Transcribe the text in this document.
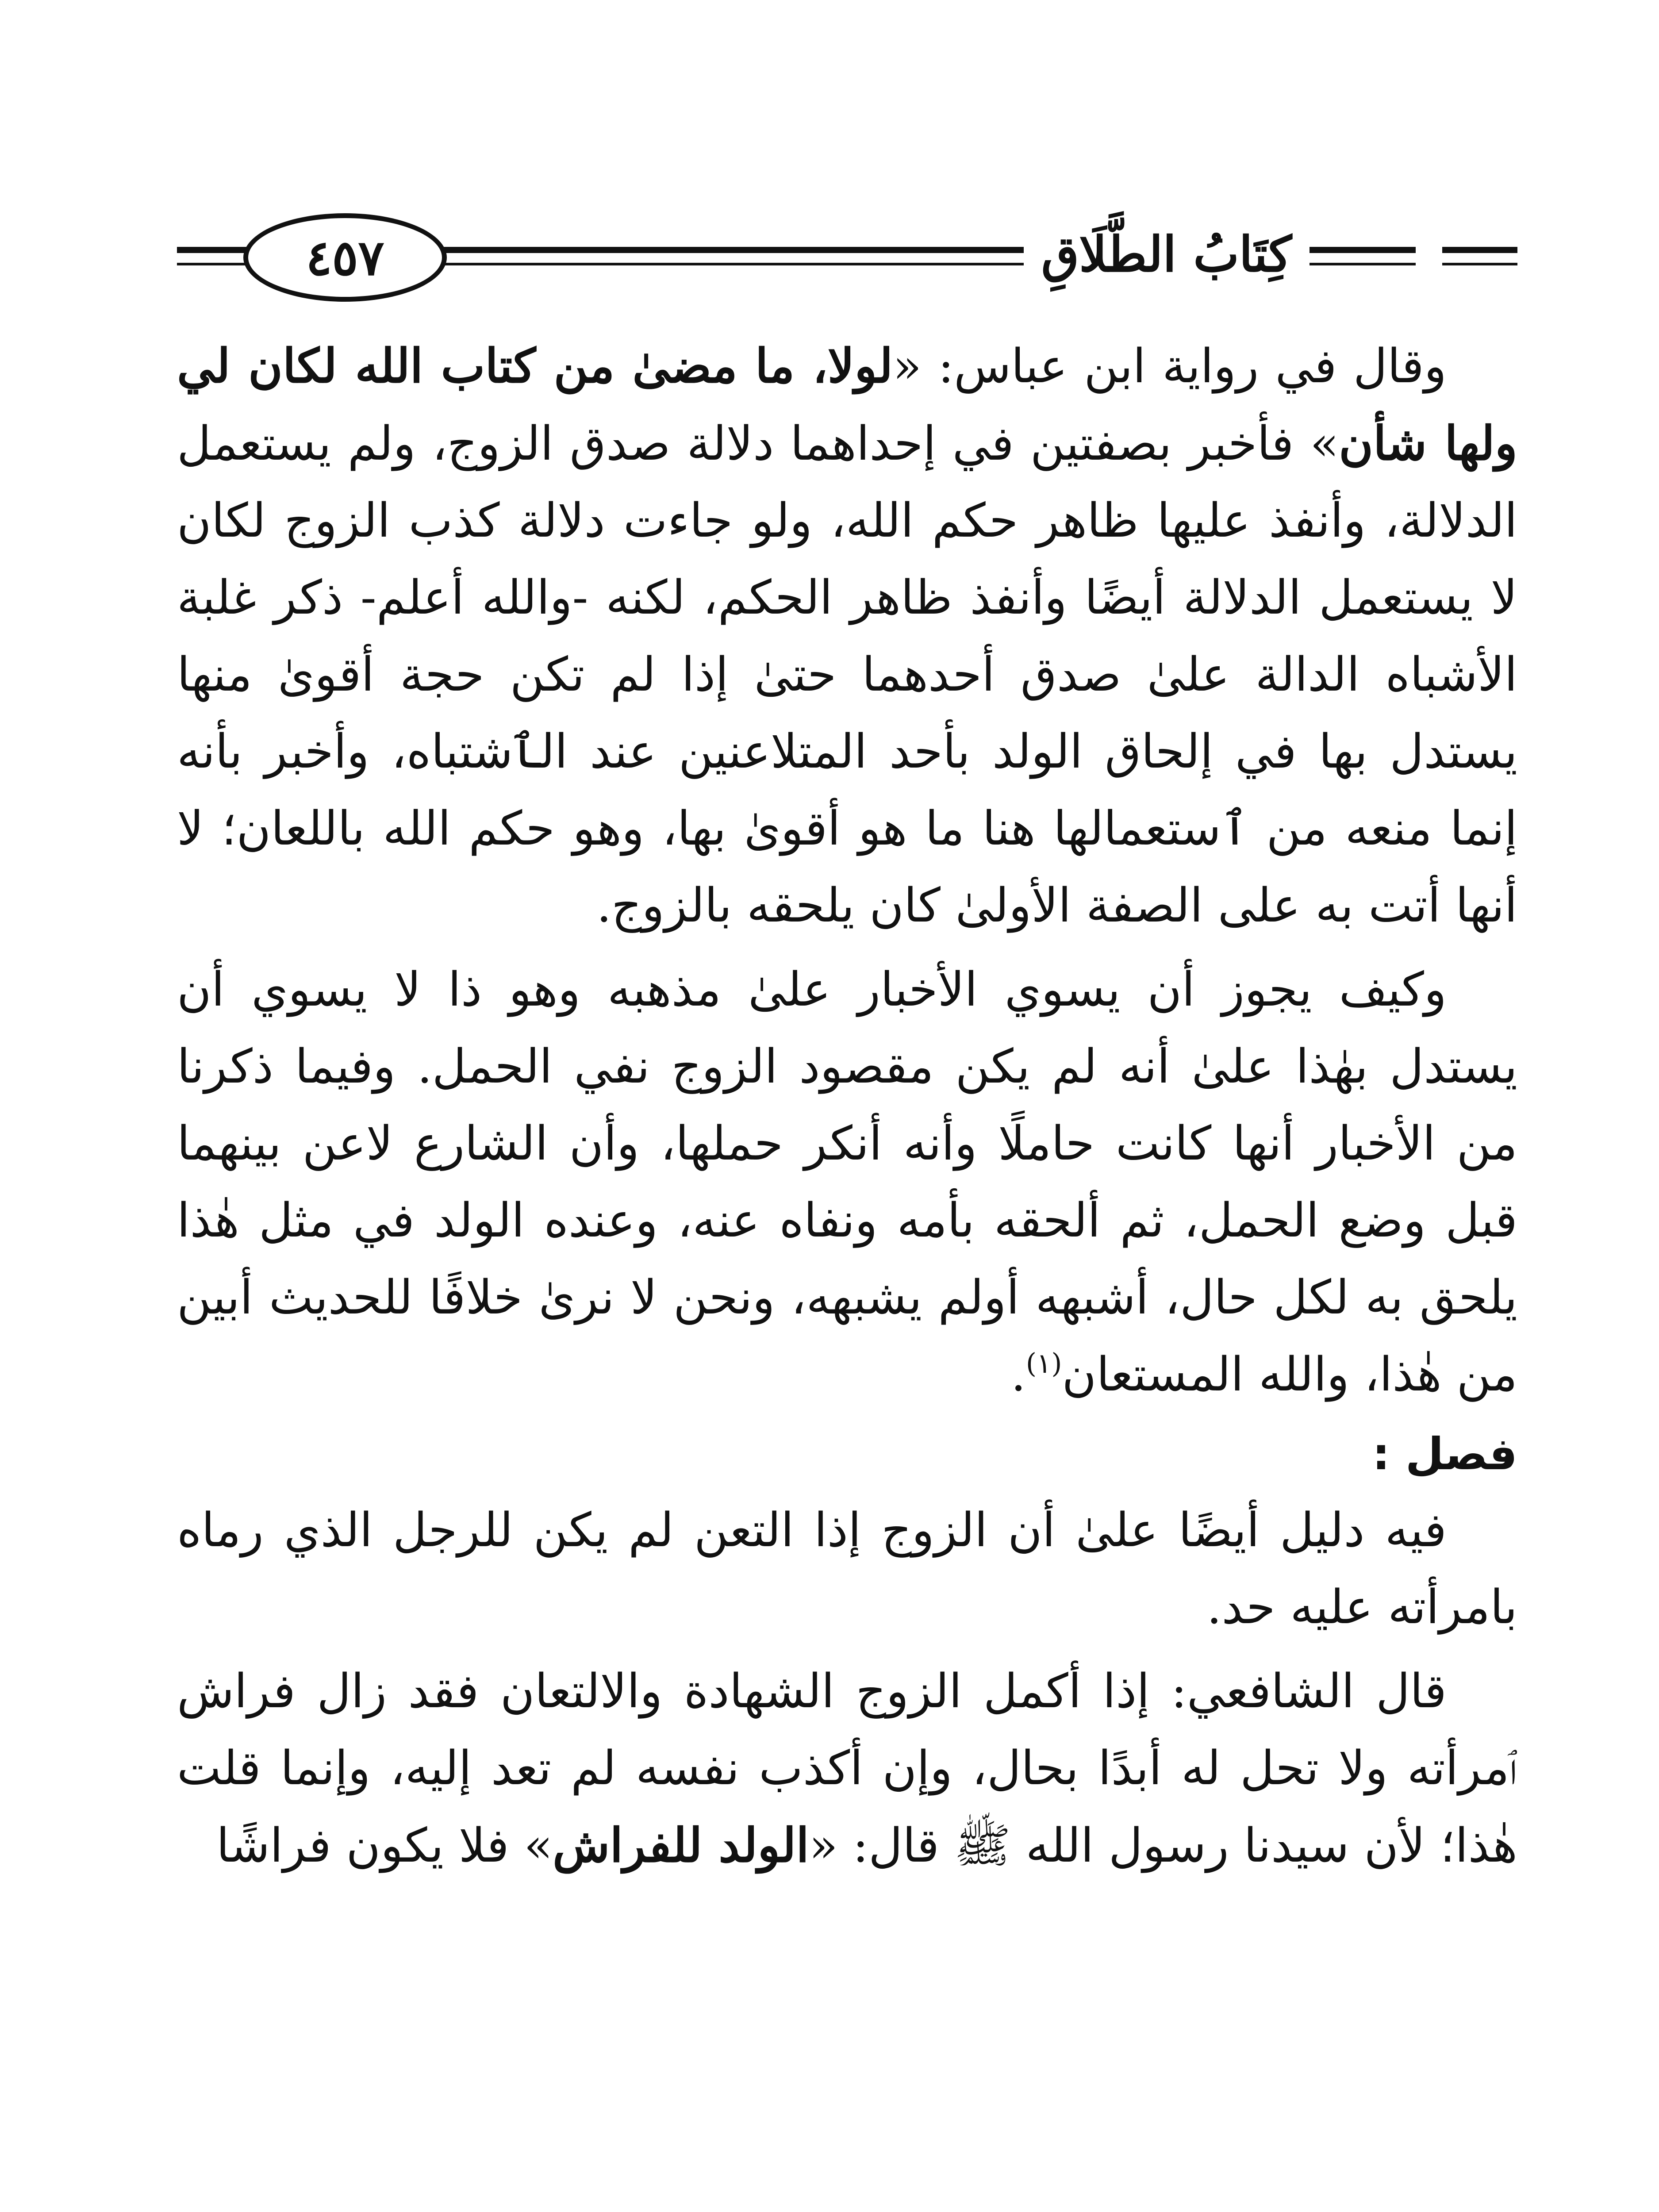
٤٥٧	كِتَابُ الطَّلَاقِ

وقال في رواية ابن عباس: «لولا، ما مضىٰ من كتاب الله لكان لي ولها شأن» فأخبر بصفتين في إحداهما دلالة صدق الزوج، ولم يستعمل الدلالة، وأنفذ عليها ظاهر حكم الله، ولو جاءت دلالة كذب الزوج لكان لا يستعمل الدلالة أيضًا وأنفذ ظاهر الحكم، لكنه -والله أعلم- ذكر غلبة الأشباه الدالة علىٰ صدق أحدهما حتىٰ إذا لم تكن حجة أقوىٰ منها يستدل بها في إلحاق الولد بأحد المتلاعنين عند الٱشتباه، وأخبر بأنه إنما منعه من ٱستعمالها هنا ما هو أقوىٰ بها، وهو حكم الله باللعان؛ لا أنها أتت به على الصفة الأولىٰ كان يلحقه بالزوج.

وكيف يجوز أن يسوي الأخبار علىٰ مذهبه وهو ذا لا يسوي أن يستدل بهٰذا علىٰ أنه لم يكن مقصود الزوج نفي الحمل. وفيما ذكرنا من الأخبار أنها كانت حاملًا وأنه أنكر حملها، وأن الشارع لاعن بينهما قبل وضع الحمل، ثم ألحقه بأمه ونفاه عنه، وعنده الولد في مثل هٰذا يلحق به لكل حال، أشبهه أولم يشبهه، ونحن لا نرىٰ خلافًا للحديث أبين من هٰذا، والله المستعان$^{(١)}$.

فصل :

فيه دليل أيضًا علىٰ أن الزوج إذا التعن لم يكن للرجل الذي رماه بامرأته عليه حد.

قال الشافعي: إذا أكمل الزوج الشهادة والالتعان فقد زال فراش ٱمرأته ولا تحل له أبدًا بحال، وإن أكذب نفسه لم تعد إليه، وإنما قلت هٰذا؛ لأن سيدنا رسول الله ﷺ قال: «الولد للفراش» فلا يكون فراشًا
